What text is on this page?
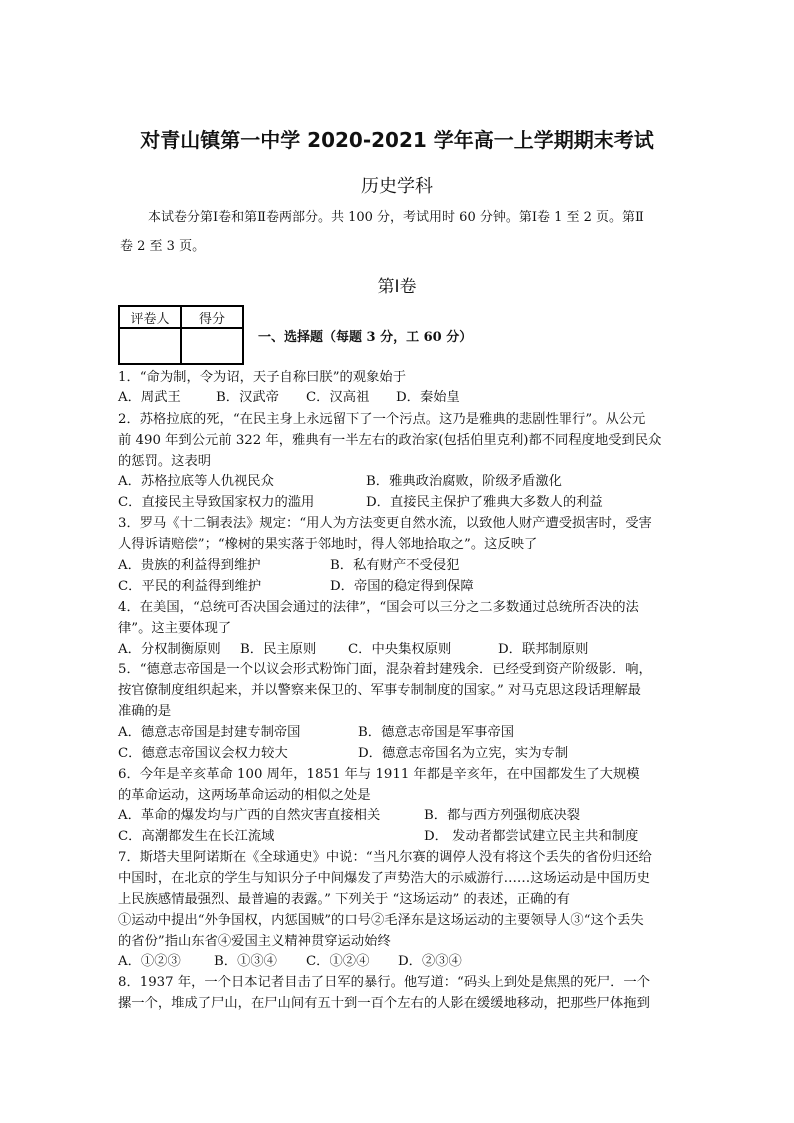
对青山镇第一中学 2020-2021 学年高一上学期期末考试
历史学科
本试卷分第Ⅰ卷和第Ⅱ卷两部分。共 100 分，考试用时 60 分钟。第Ⅰ卷 1 至 2 页。第Ⅱ
卷 2 至 3 页。
第Ⅰ卷
评卷人	得分

一、选择题（每题 3 分，工 60 分）
1．“命为制，令为诏，天子自称曰朕”的观象始于
A．周武王	B．汉武帝 C．汉高祖 D．秦始皇
2．苏格拉底的死，“在民主身上永远留下了一个污点。这乃是雅典的悲剧性罪行”。从公元
前 490 年到公元前 322 年，雅典有一半左右的政治家(包括伯里克利)都不同程度地受到民众
的惩罚。这表明
A．苏格拉底等人仇视民众	B．雅典政治腐败，阶级矛盾激化
C．直接民主导致国家权力的滥用	D．直接民主保护了雅典大多数人的利益
3．罗马《十二铜表法》规定：“用人为方法变更自然水流，以致他人财产遭受损害时，受害
人得诉请赔偿”；“橡树的果实落于邻地时，得人邻地拾取之”。这反映了
A．贵族的利益得到维护	B．私有财产不受侵犯
C．平民的利益得到维护	D．帝国的稳定得到保障
4．在美国，“总统可否决国会通过的法律”，“国会可以三分之二多数通过总统所否决的法
律”。这主要体现了
A．分权制衡原则 B．民主原则 C．中央集权原则	D．联邦制原则
5．“德意志帝国是一个以议会形式粉饰门面，混杂着封建残余．已经受到资产阶级影．响，
按官僚制度组织起来，并以警察来保卫的、军事专制制度的国家。” 对马克思这段话理解最
准确的是
A．德意志帝国是封建专制帝国	B．德意志帝国是军事帝国
C．德意志帝国议会权力较大	D．德意志帝国名为立宪，实为专制
6．今年是辛亥革命 100 周年，1851 年与 1911 年都是辛亥年，在中国都发生了大规模
的革命运动，这两场革命运动的相似之处是
A．革命的爆发均与广西的自然灾害直接相关	B．都与西方列强彻底决裂
C．高潮都发生在长江流域	D． 发动者都尝试建立民主共和制度
7．斯塔夫里阿诺斯在《全球通史》中说：“当凡尔赛的调停人没有将这个丢失的省份归还给
中国时，在北京的学生与知识分子中间爆发了声势浩大的示威游行……这场运动是中国历史
上民族感情最强烈、最普遍的表露。” 下列关于 “这场运动” 的表述，正确的有
①运动中提出“外争国权，内惩国贼”的口号②毛泽东是这场运动的主要领导人③“这个丢失
的省份”指山东省④爱国主义精神贯穿运动始终
A．①②③ B．①③④ C．①②④ D．②③④
8．1937 年，一个日本记者目击了日军的暴行。他写道：“码头上到处是焦黑的死尸．一个
摞一个，堆成了尸山，在尸山间有五十到一百个左右的人影在缓缓地移动，把那些尸体拖到
